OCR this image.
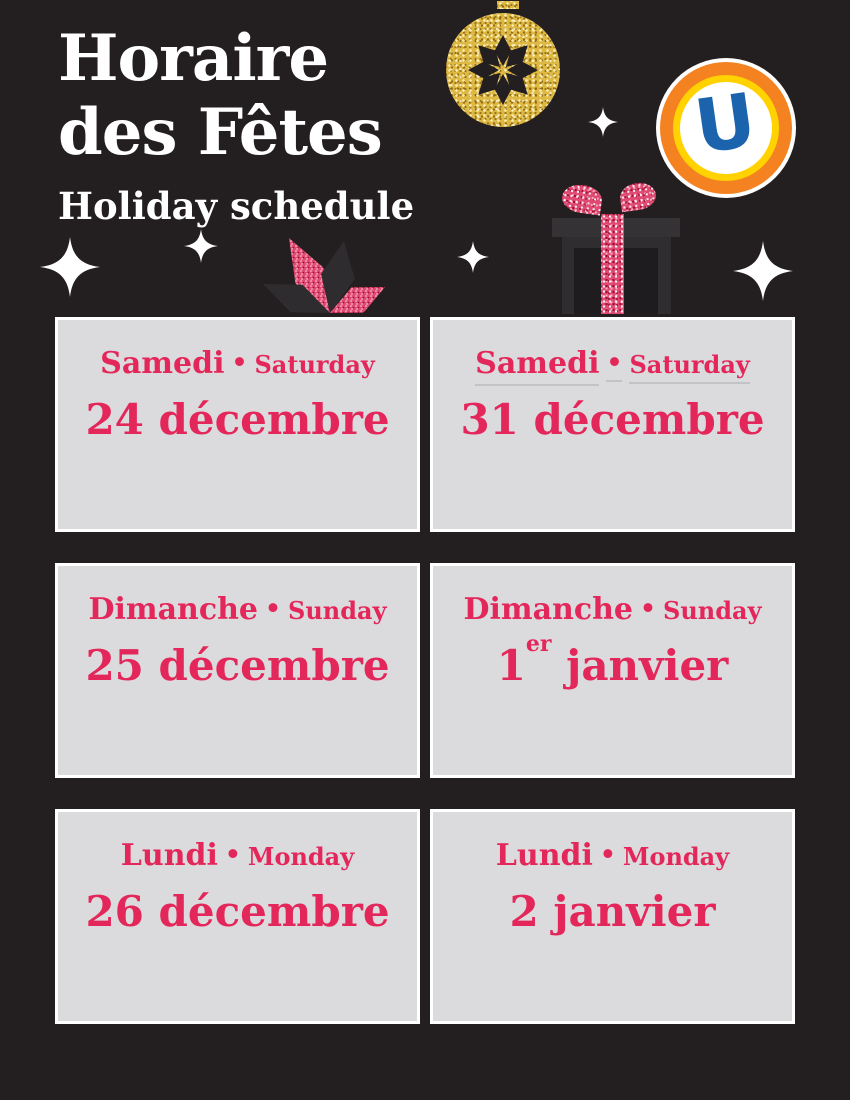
Horaire
des Fêtes
Holiday schedule
U
Samedi • Saturday
24 décembre
Samedi • Saturday
31 décembre
Dimanche • Sunday
25 décembre
Dimanche • Sunday
1er janvier
Lundi • Monday
26 décembre
Lundi • Monday
2 janvier
